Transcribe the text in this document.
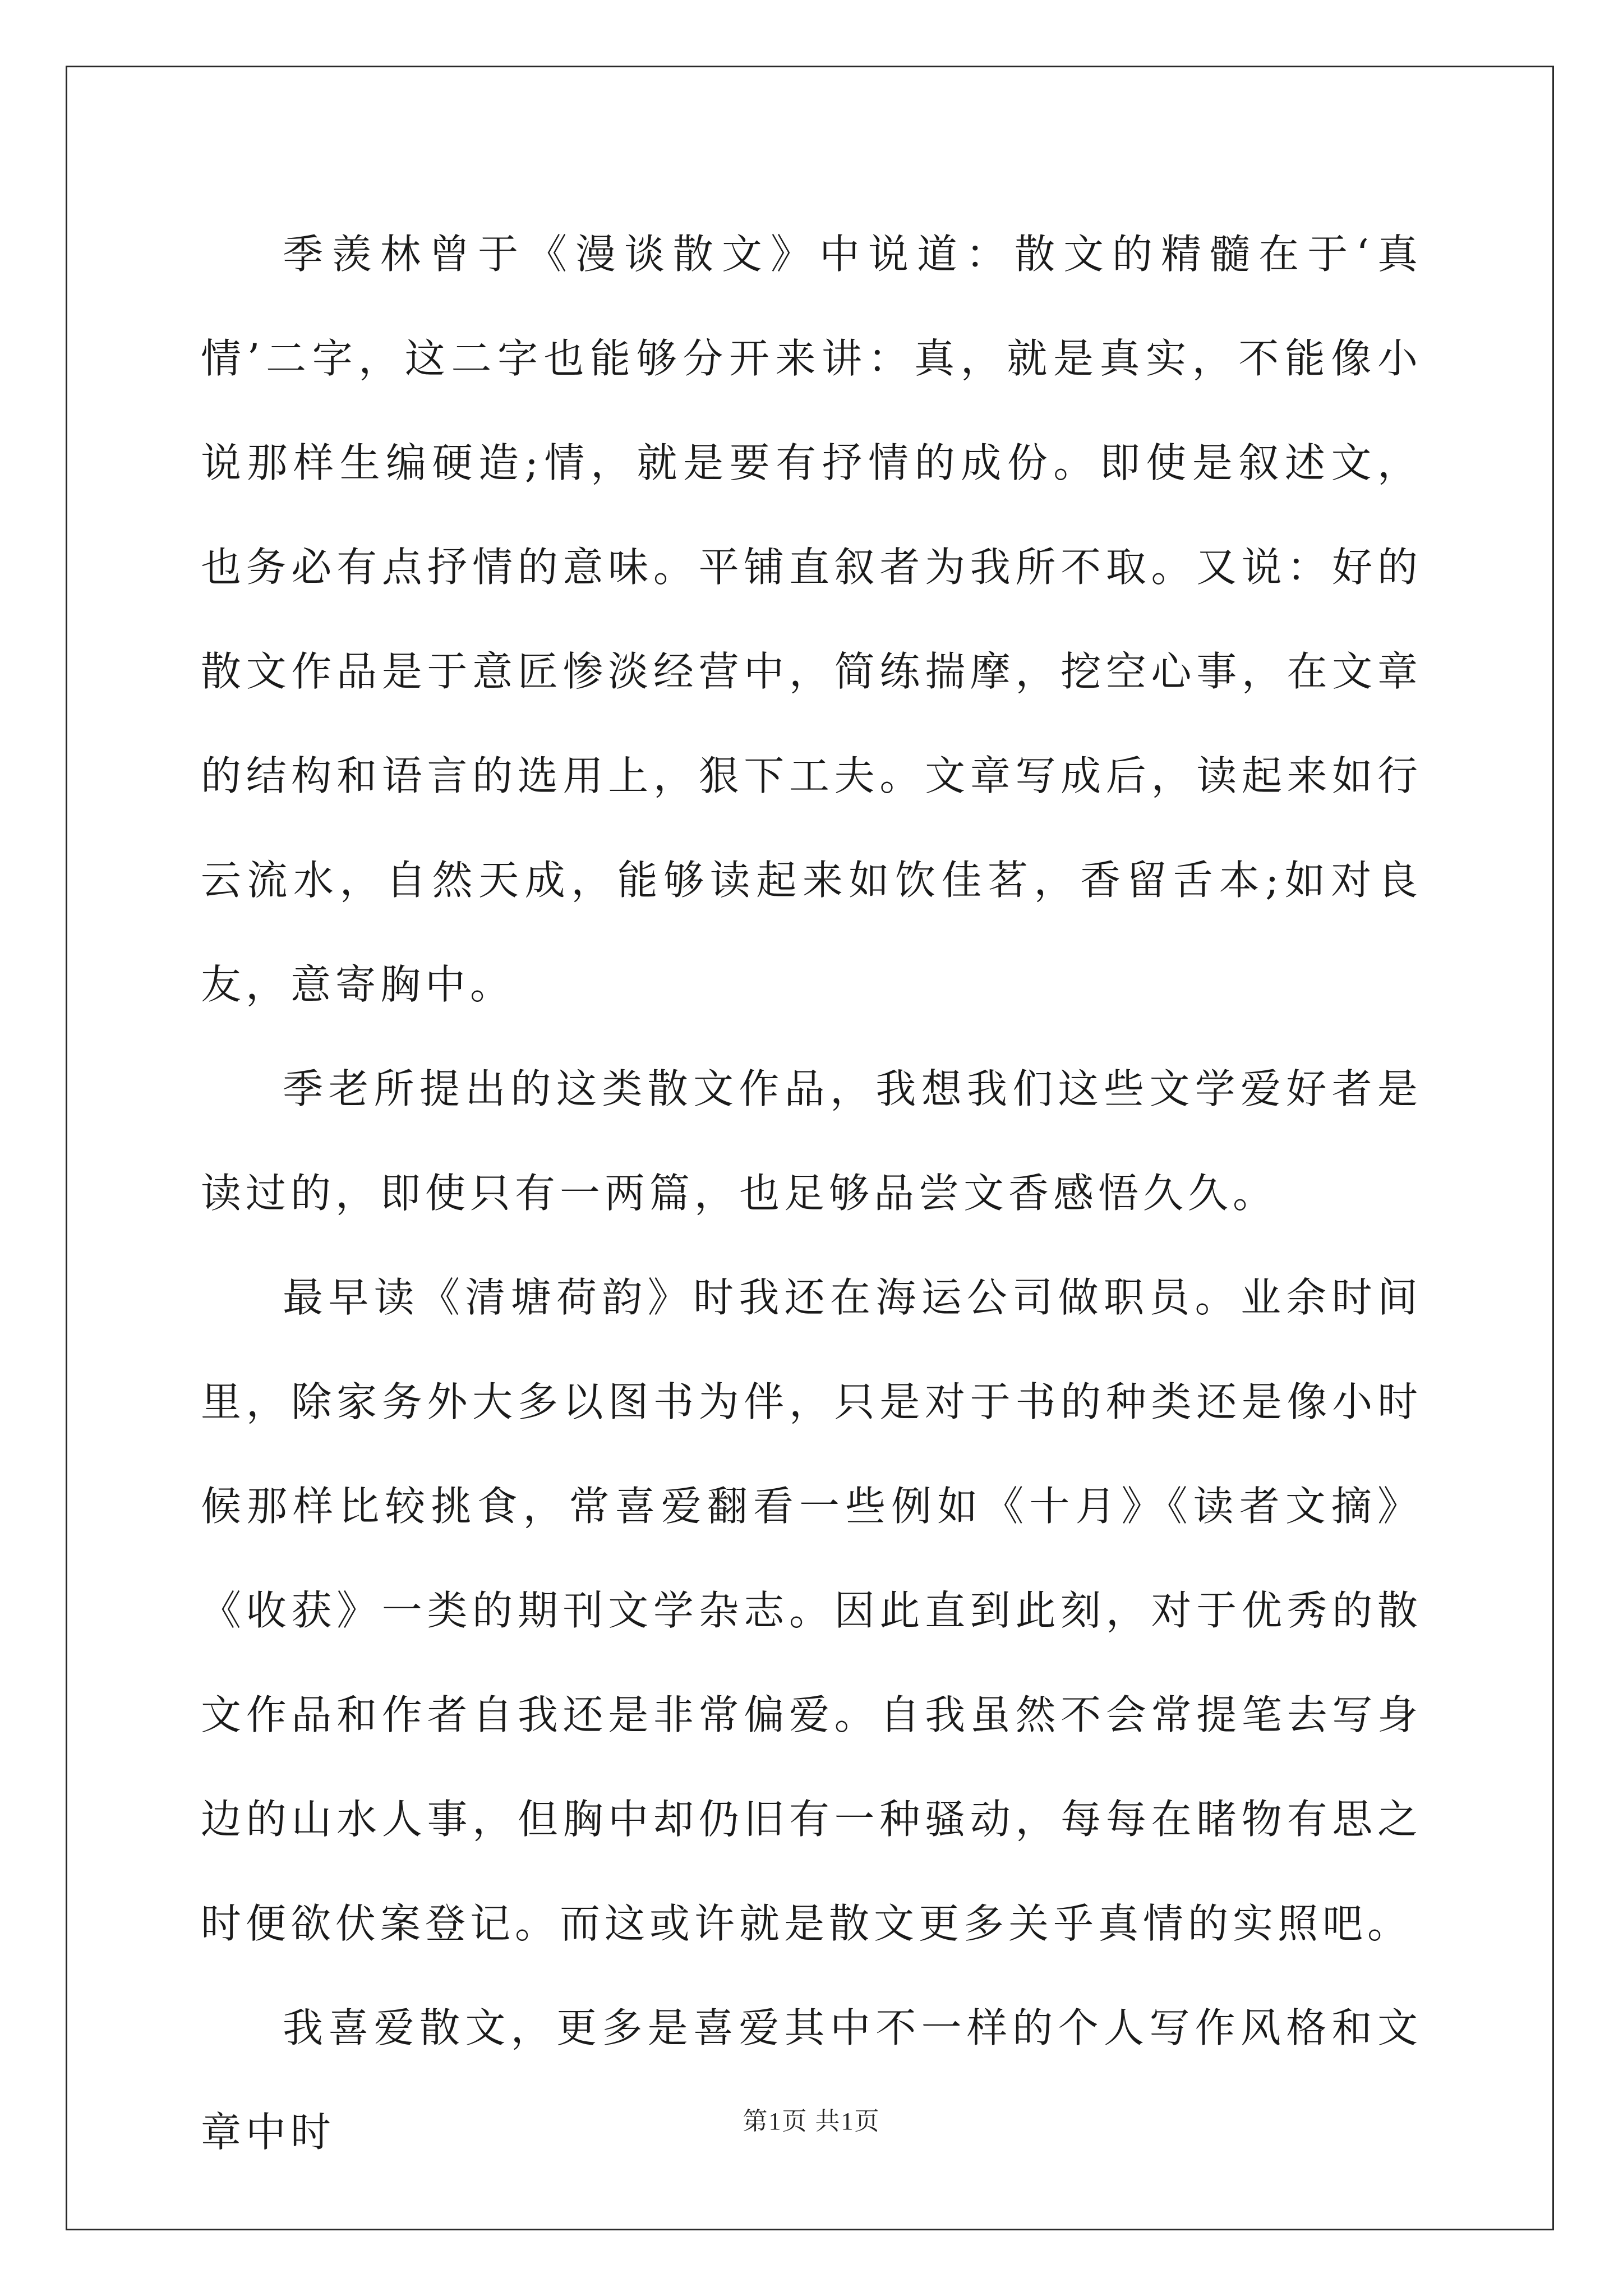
季羡林曾于《漫谈散文》中说道：散文的精髓在于‘真情’二字，这二字也能够分开来讲：真，就是真实，不能像小说那样生编硬造;情，就是要有抒情的成份。即使是叙述文，也务必有点抒情的意味。平铺直叙者为我所不取。又说：好的散文作品是于意匠惨淡经营中，简练揣摩，挖空心事，在文章的结构和语言的选用上，狠下工夫。文章写成后，读起来如行云流水，自然天成，能够读起来如饮佳茗，香留舌本;如对良友，意寄胸中。

季老所提出的这类散文作品，我想我们这些文学爱好者是读过的，即使只有一两篇，也足够品尝文香感悟久久。

最早读《清塘荷韵》时我还在海运公司做职员。业余时间里，除家务外大多以图书为伴，只是对于书的种类还是像小时候那样比较挑食，常喜爱翻看一些例如《十月》《读者文摘》《收获》一类的期刊文学杂志。因此直到此刻，对于优秀的散文作品和作者自我还是非常偏爱。自我虽然不会常提笔去写身边的山水人事，但胸中却仍旧有一种骚动，每每在睹物有思之时便欲伏案登记。而这或许就是散文更多关乎真情的实照吧。

我喜爱散文，更多是喜爱其中不一样的个人写作风格和文章中时	第1页 共1页
